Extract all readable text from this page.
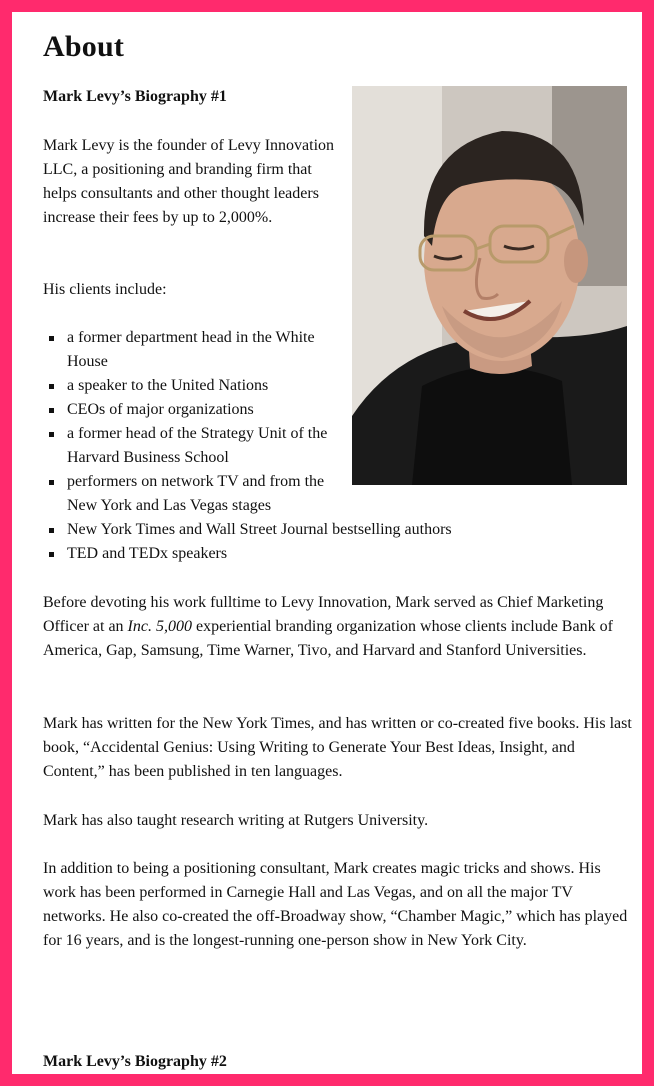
About

Mark Levy’s Biography #1

Mark Levy is the founder of Levy Innovation LLC, a positioning and branding firm that helps consultants and other thought leaders increase their fees by up to 2,000%.

His clients include:

a former department head in the White House
a speaker to the United Nations
CEOs of major organizations
a former head of the Strategy Unit of the Harvard Business School
performers on network TV and from the New York and Las Vegas stages
New York Times and Wall Street Journal bestselling authors
TED and TEDx speakers

Before devoting his work fulltime to Levy Innovation, Mark served as Chief Marketing Officer at an Inc. 5,000 experiential branding organization whose clients include Bank of America, Gap, Samsung, Time Warner, Tivo, and Harvard and Stanford Universities.

Mark has written for the New York Times, and has written or co-created five books. His last book, “Accidental Genius: Using Writing to Generate Your Best Ideas, Insight, and Content,” has been published in ten languages.

Mark has also taught research writing at Rutgers University.

In addition to being a positioning consultant, Mark creates magic tricks and shows. His work has been performed in Carnegie Hall and Las Vegas, and on all the major TV networks. He also co-created the off-Broadway show, “Chamber Magic,” which has played for 16 years, and is the longest-running one-person show in New York City.

Mark Levy’s Biography #2
